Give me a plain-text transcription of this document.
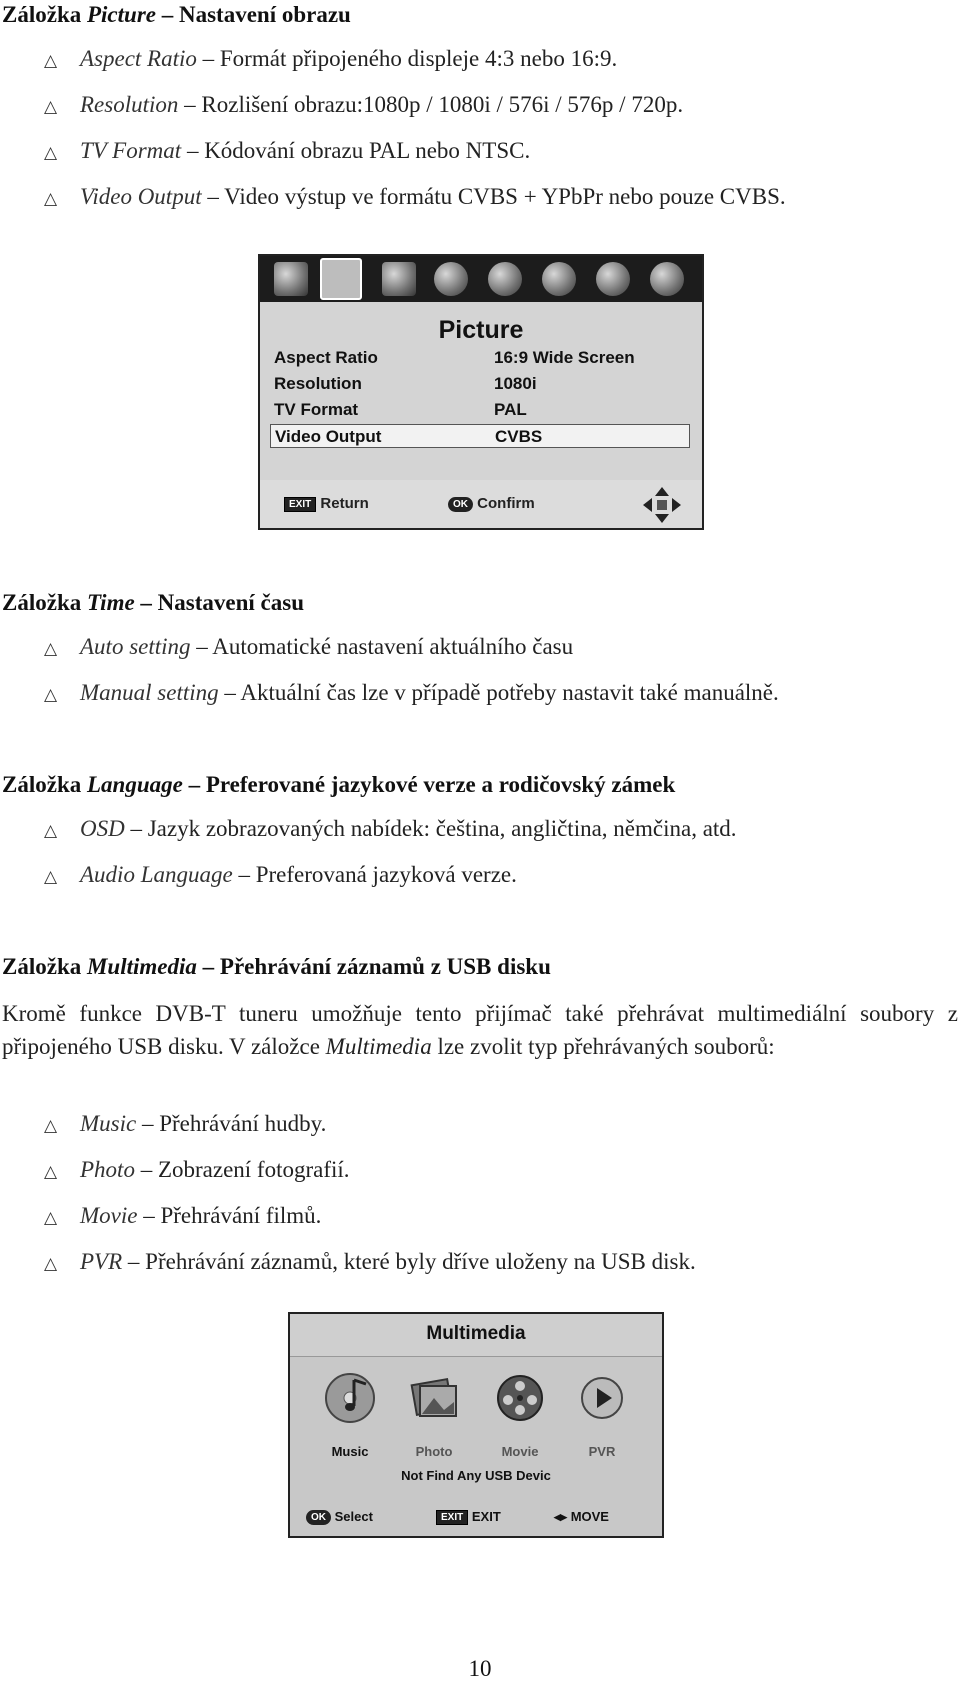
Záložka Picture – Nastavení obrazu
△ Aspect Ratio – Formát připojeného displeje 4:3 nebo 16:9.
△ Resolution – Rozlišení obrazu:1080p / 1080i / 576i / 576p / 720p.
△ TV Format – Kódování obrazu PAL nebo NTSC.
△ Video Output – Video výstup ve formátu CVBS + YPbPr nebo pouze CVBS.
Picture
Aspect Ratio	16:9 Wide Screen
Resolution	1080i
TV Format	PAL
Video Output	CVBS
EXIT Return	OK Confirm
Záložka Time – Nastavení času
△ Auto setting – Automatické nastavení aktuálního času
△ Manual setting – Aktuální čas lze v případě potřeby nastavit také manuálně.
Záložka Language – Preferované jazykové verze a rodičovský zámek
△ OSD – Jazyk zobrazovaných nabídek: čeština, angličtina, němčina, atd.
△ Audio Language – Preferovaná jazyková verze.
Záložka Multimedia – Přehrávání záznamů z USB disku
Kromě funkce DVB-T tuneru umožňuje tento přijímač také přehrávat multimediální soubory z připojeného USB disku. V záložce Multimedia lze zvolit typ přehrávaných souborů:
△ Music – Přehrávání hudby.
△ Photo – Zobrazení fotografií.
△ Movie – Přehrávání filmů.
△ PVR – Přehrávání záznamů, které byly dříve uloženy na USB disk.
Multimedia
Music	Photo	Movie	PVR
Not Find Any USB Devic
OK Select	EXIT EXIT	◂▸ MOVE
10
